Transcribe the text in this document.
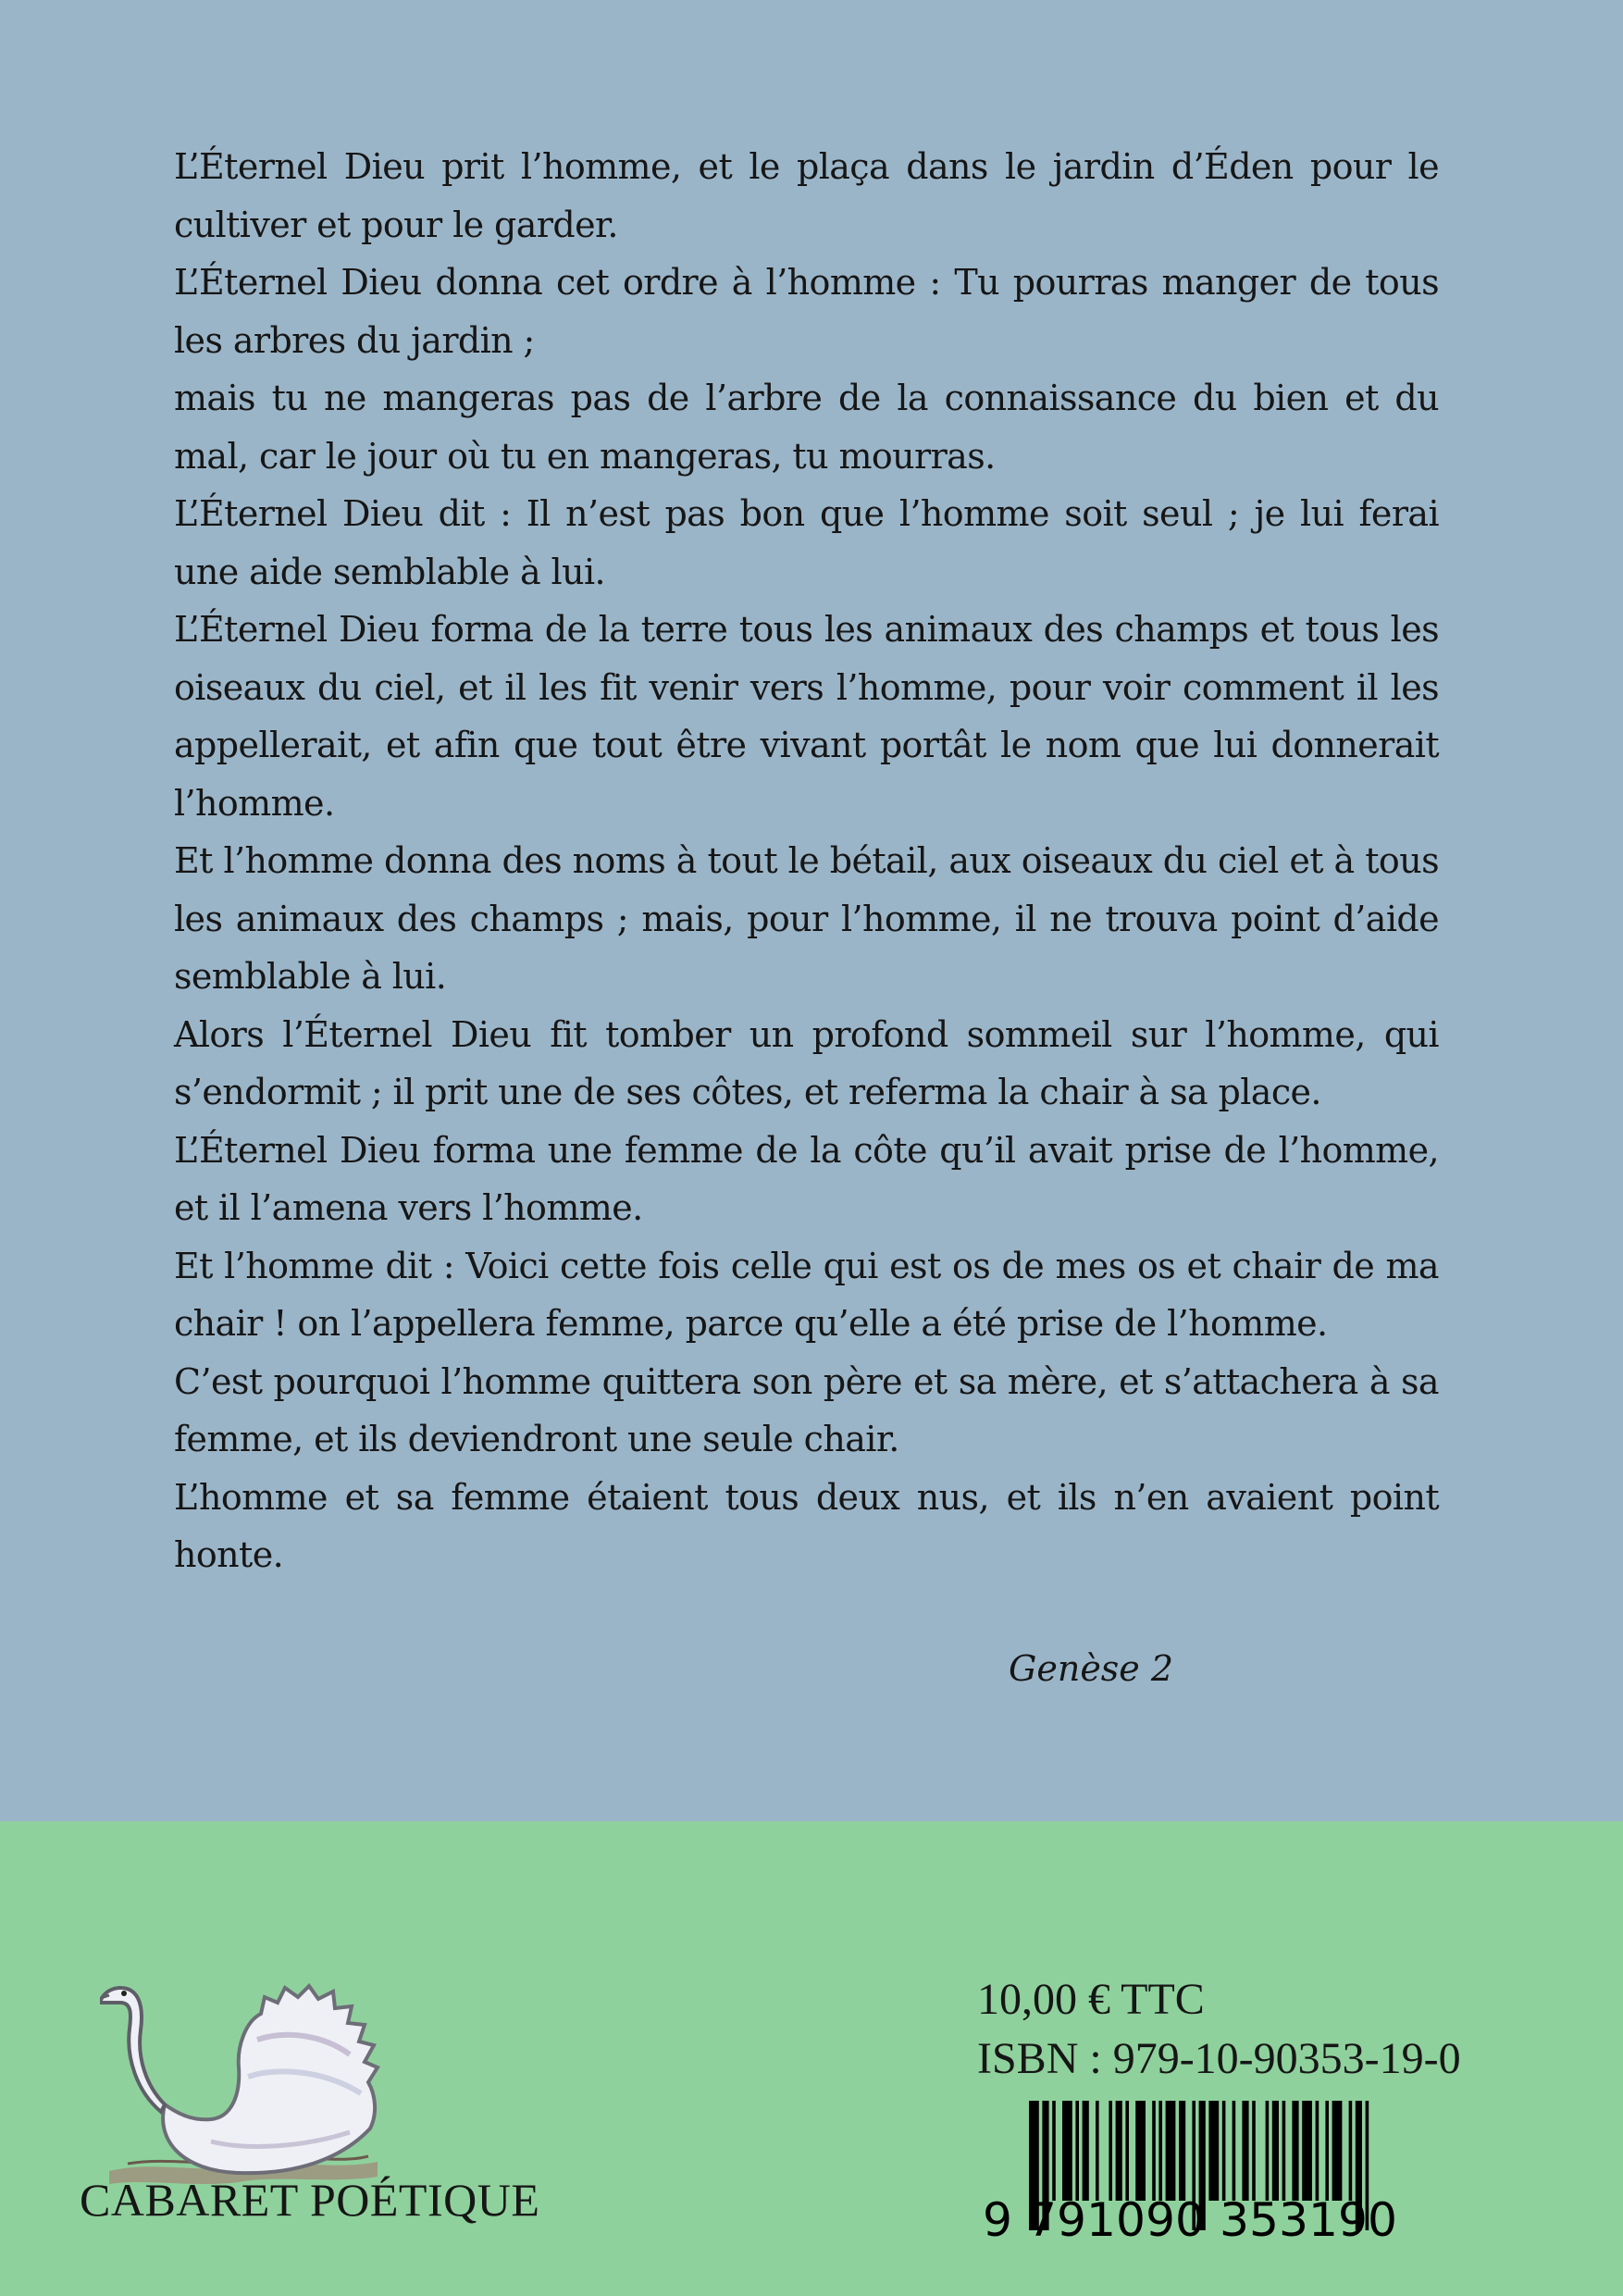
L’Éternel Dieu prit l’homme, et le plaça dans le jardin d’Éden pour le cultiver et pour le garder.

L’Éternel Dieu donna cet ordre à l’homme : Tu pourras manger de tous les arbres du jardin ;

mais tu ne mangeras pas de l’arbre de la connaissance du bien et du mal, car le jour où tu en mangeras, tu mourras.

L’Éternel Dieu dit : Il n’est pas bon que l’homme soit seul ; je lui ferai une aide semblable à lui.

L’Éternel Dieu forma de la terre tous les animaux des champs et tous les oiseaux du ciel, et il les fit venir vers l’homme, pour voir comment il les appellerait, et afin que tout être vivant portât le nom que lui donnerait l’homme.

Et l’homme donna des noms à tout le bétail, aux oiseaux du ciel et à tous les animaux des champs ; mais, pour l’homme, il ne trouva point d’aide semblable à lui.

Alors l’Éternel Dieu fit tomber un profond sommeil sur l’homme, qui s’endormit ; il prit une de ses côtes, et referma la chair à sa place.

L’Éternel Dieu forma une femme de la côte qu’il avait prise de l’homme, et il l’amena vers l’homme.

Et l’homme dit : Voici cette fois celle qui est os de mes os et chair de ma chair ! on l’appellera femme, parce qu’elle a été prise de l’homme.

C’est pourquoi l’homme quittera son père et sa mère, et s’attachera à sa femme, et ils deviendront une seule chair.

L’homme et sa femme étaient tous deux nus, et ils n’en avaient point honte.

Genèse 2
CABARET POÉTIQUE
10,00 € TTC
ISBN : 979-10-90353-19-0
9 791090 353190
